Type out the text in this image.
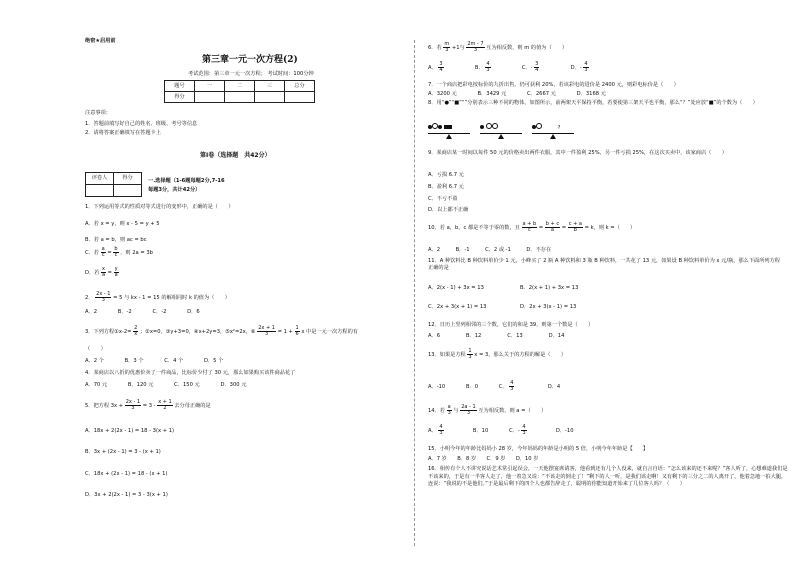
绝密★启用前
第三章一元一次方程(2)
考试范围：第三章一元一次方程； 考试时间：100分钟
题号	一	二	三	总分
得分				
注意事项：
1．答题前填写好自己的姓名、班级、考号等信息
2．请将答案正确填写在答题卡上
第Ⅰ卷（选择题　共42分）
评卷人	得分
		一.选择题（1-6题每题2分,7-16
每题3分，共计42分）
1．下列运用等式的性质对等式进行的变形中，正确的是（　　）
A．若 x = y，则 x - 5 = y + 5
B．若 a = b，则 ac = bc
C．若 $\frac{a}{c} = \frac{b}{c}$ ，则 2a = 3b
D．若 $\frac{x}{a} = \frac{y}{a}$
2． $\frac{2x - 1}{3} = 5$ 与 kx - 1 = 15 的解相同时 k 的值为（　　）
A．2　　　　B．-2　　　　C．-2　　　　D．6
3．下列方程①x-2= $\frac{2}{x}$ ；②x=0，③y+3=0，④x+2y=3，⑤x²=2x，⑥ $\frac{2x + 1}{3} = 1 + \frac{1}{6}$ x 中是一元一次方程的有
（　　）
A．2 个　　　　B．3 个　　　　C．4 个　　　　D．5 个
4．某商店以八折的优惠价卖了一件商品，比标价少付了 30 元，那么如果购买该件商品花了
A．70 元　　　　B．120 元　　　　C．150 元　　　　D．300 元
5．把方程 $3x + \frac{2x - 1}{3} = 3 - \frac{x + 1}{2}$ 去分母正确的是
A．18x + 2(2x - 1) = 18 - 3(x + 1)
B．3x + (2x - 1) = 3 - (x + 1)
C．18x + (2x - 1) = 18 - (x + 1)
D．3x + 2(2x - 1) = 3 - 3(x + 1)
6．若 $\frac{m}{3} +1$与 $\frac{2m - 7}{3}$ 互为相反数，则 m 的值为（　　）
A． $\frac{3}{4}$	B． $\frac{4}{3}$	C．- $\frac{3}{4}$	D．- $\frac{4}{3}$
7．一个商店把彩电按标价的九折出售，仍可获利 20%，若该彩电的进价是 2400 元，则彩电标价是（　　）
A．3200 元　　　　B．3429 元　　　　C．2667 元　　　　D．3168 元
8．用“●”“■”“”分别表示三种不同的物体，如图所示，前两架天平保持平衡，若要使第三架天平也平衡，那么“？”处应放“■”的个数为（　　）

?
9．某商店某一时间以每件 50 元的价格卖出两件衣服，其中一件盈利 25%，另一件亏损 25%，在这次买卖中，该家商店（　　）
A．亏损 6.7 元
B．盈利 6.7 元
C．不亏不盈
D．以上都不正确
10．若 a，b，c 都是不等于零的数，且 $\frac{a + b}{c} = \frac{b + c}{a} = \frac{c + a}{b} = k$，则 k =（　　）
A．2　　　B．-1　　　C．2 或 -1　　　D．不存在
11．A 种饮料比 B 种饮料单价少 1 元，小峰买了 2 瓶 A 种饮料和 3 瓶 B 种饮料，一共花了 13 元，如果设 B 种饮料单价为 x 元/瓶，那么下面所列方程正确的是
A．2(x - 1) + 3x = 13	B．2(x + 1) + 3x = 13
C．2x + 3(x + 1) = 13	D．2x + 3(x - 1) = 13
12．日历上竖列相邻的三个数，它们的和是 39，则第一个数是（　　）
A．6　　　　　B．12　　　　　C．13　　　　　D．14
13．如果是方程 $\frac{1}{3}$ x = 3，那么关于的方程的解是（　　）
A．-10　　　　B．0　　　　C． $\frac{4}{3}$	D．4
14．若 $\frac{a}{3}$ 与 $\frac{2a - 1}{3}$ 互为相反数，则 a =（　　）
A． $\frac{4}{3}$	B．10　　　　C．- $\frac{4}{3}$	D．-10
15．小明今年的年龄比妈妈小 28 岁，今年妈妈的年龄是小明的 5 倍，小明今年年龄是【　　】
A．7 岁　　B．8 岁　　C．9 岁　　D．10 岁
16．相传有个人不讲究说话艺术常引起误会，一天他摆宴席请客，他看到还有几个人没来，就自言自语：“怎么该来的还不来呢？”客人听了，心想难道我们是不该来的，于是有一半客人走了，他一着急又说：“不该走的倒走了！”剩下的人一听，是我们该走啊！又有剩下的三分之二的人离开了，他着急地一拍大腿，连说：“我说的不是他们。”于是最后剩下的四个人也都告辞走了，聪明的你能知道开始来了几位客人吗？（　　）
